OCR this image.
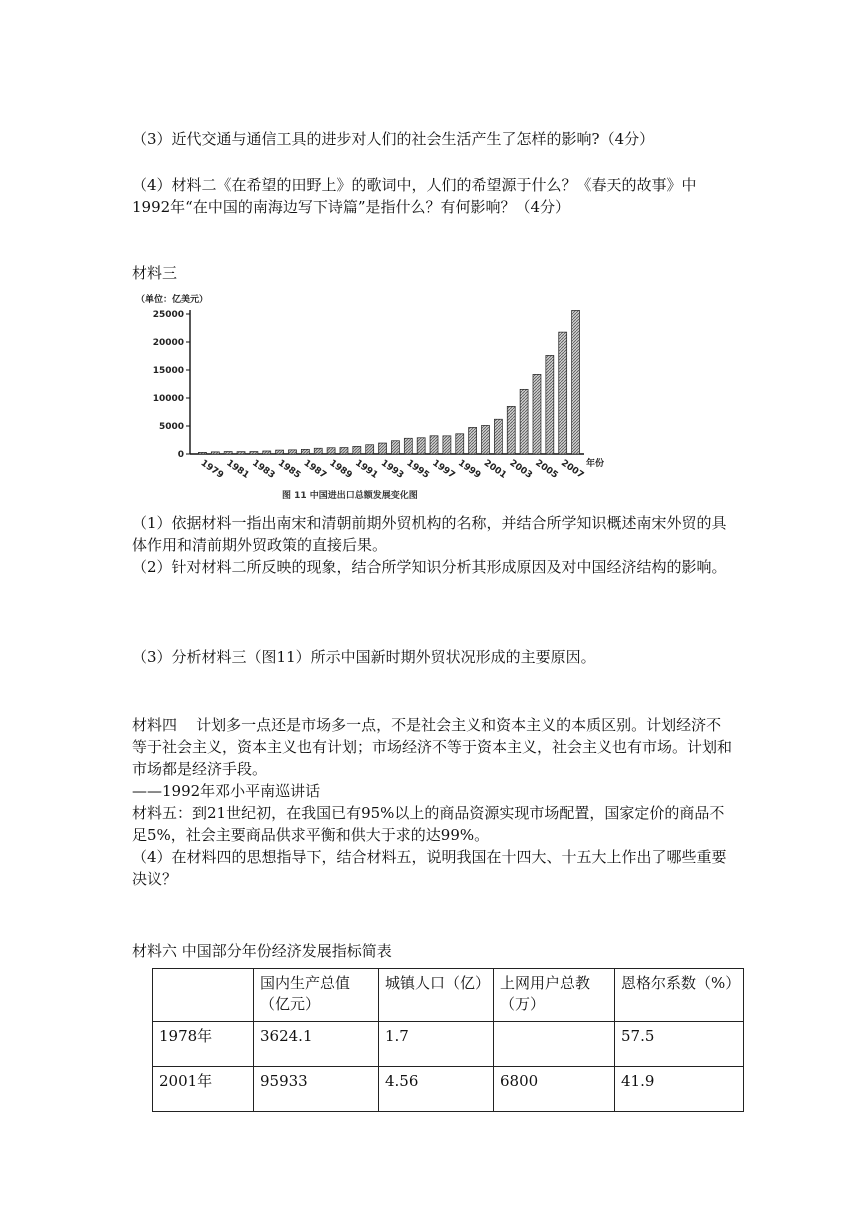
（3）近代交通与通信工具的进步对人们的社会生活产生了怎样的影响?（4分）

（4）材料二《在希望的田野上》的歌词中，人们的希望源于什么？《春天的故事》中1992年“在中国的南海边写下诗篇”是指什么？有何影响？（4分）

材料三

（单位：亿美元）
0
5000
10000
15000
20000
25000
1979 1981 1983 1985 1987 1989 1991 1993 1995 1997 1999 2001 2003 2005 2007 年份
图 11 中国进出口总额发展变化图

（1）依据材料一指出南宋和清朝前期外贸机构的名称，并结合所学知识概述南宋外贸的具体作用和清前期外贸政策的直接后果。

（2）针对材料二所反映的现象，结合所学知识分析其形成原因及对中国经济结构的影响。

（3）分析材料三（图11）所示中国新时期外贸状况形成的主要原因。

材料四    计划多一点还是市场多一点，不是社会主义和资本主义的本质区别。计划经济不等于社会主义，资本主义也有计划；市场经济不等于资本主义，社会主义也有市场。计划和市场都是经济手段。

——1992年邓小平南巡讲话

材料五：到21世纪初，在我国已有95%以上的商品资源实现市场配置，国家定价的商品不足5%，社会主要商品供求平衡和供大于求的达99%。

（4）在材料四的思想指导下，结合材料五，说明我国在十四大、十五大上作出了哪些重要决议？

材料六 中国部分年份经济发展指标简表

	国内生产总值（亿元）	城镇人口（亿）	上网用户总教（万）	恩格尔系数（%）
1978年	3624.1	1.7		57.5
2001年	95933	4.56	6800	41.9
